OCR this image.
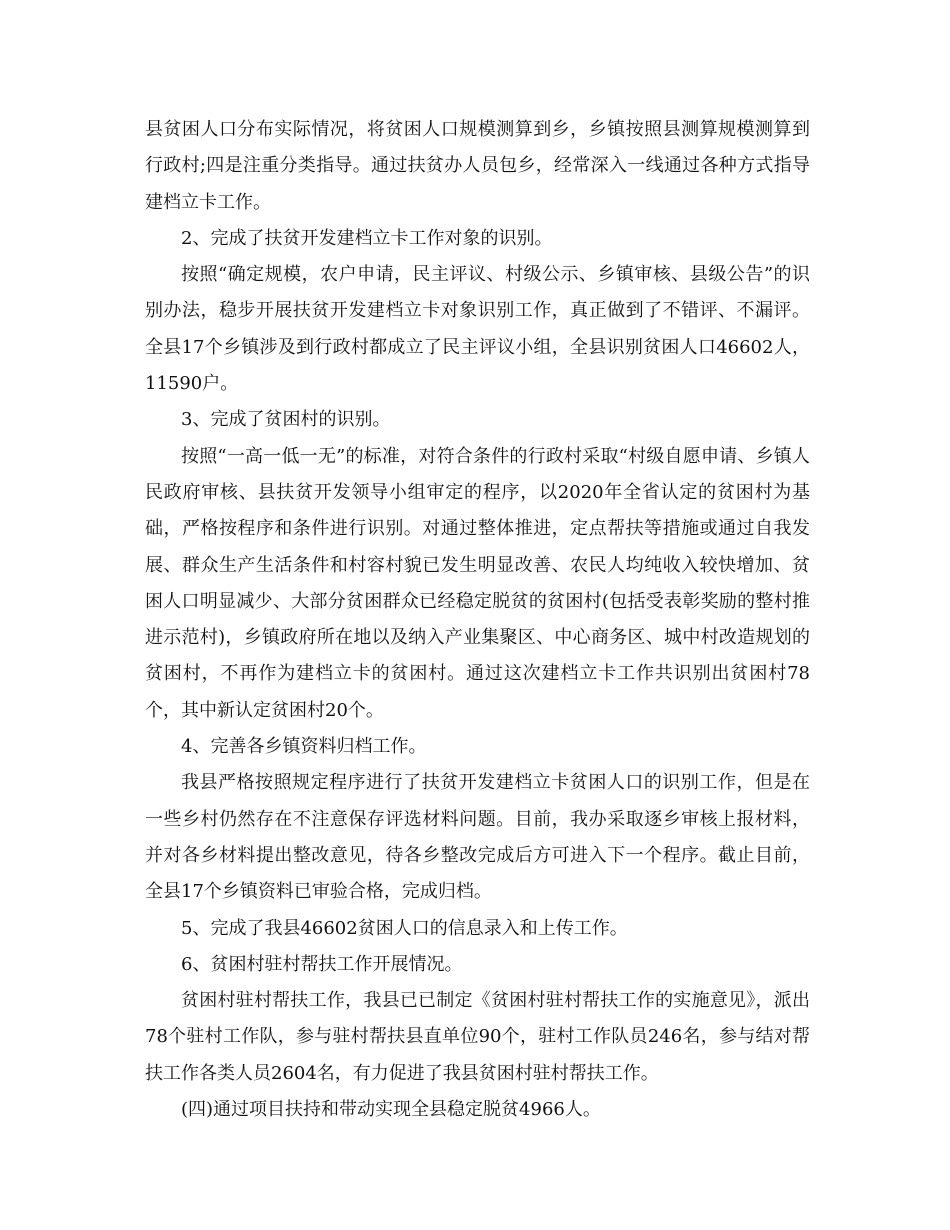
县贫困人口分布实际情况，将贫困人口规模测算到乡，乡镇按照县测算规模测算到行政村;四是注重分类指导。通过扶贫办人员包乡，经常深入一线通过各种方式指导建档立卡工作。

2、完成了扶贫开发建档立卡工作对象的识别。

按照“确定规模，农户申请，民主评议、村级公示、乡镇审核、县级公告”的识别办法，稳步开展扶贫开发建档立卡对象识别工作，真正做到了不错评、不漏评。全县17个乡镇涉及到行政村都成立了民主评议小组，全县识别贫困人口46602人，11590户。

3、完成了贫困村的识别。

按照“一高一低一无”的标准，对符合条件的行政村采取“村级自愿申请、乡镇人民政府审核、县扶贫开发领导小组审定的程序，以2020年全省认定的贫困村为基础，严格按程序和条件进行识别。对通过整体推进，定点帮扶等措施或通过自我发展、群众生产生活条件和村容村貌已发生明显改善、农民人均纯收入较快增加、贫困人口明显减少、大部分贫困群众已经稳定脱贫的贫困村(包括受表彰奖励的整村推进示范村)，乡镇政府所在地以及纳入产业集聚区、中心商务区、城中村改造规划的贫困村，不再作为建档立卡的贫困村。通过这次建档立卡工作共识别出贫困村78个，其中新认定贫困村20个。

4、完善各乡镇资料归档工作。

我县严格按照规定程序进行了扶贫开发建档立卡贫困人口的识别工作，但是在一些乡村仍然存在不注意保存评选材料问题。目前，我办采取逐乡审核上报材料，并对各乡材料提出整改意见，待各乡整改完成后方可进入下一个程序。截止目前，全县17个乡镇资料已审验合格，完成归档。

5、完成了我县46602贫困人口的信息录入和上传工作。

6、贫困村驻村帮扶工作开展情况。

贫困村驻村帮扶工作，我县已已制定《贫困村驻村帮扶工作的实施意见》，派出78个驻村工作队，参与驻村帮扶县直单位90个，驻村工作队员246名，参与结对帮扶工作各类人员2604名，有力促进了我县贫困村驻村帮扶工作。

(四)通过项目扶持和带动实现全县稳定脱贫4966人。
